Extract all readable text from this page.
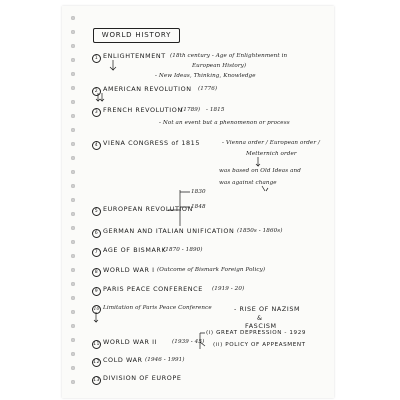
WORLD HISTORY
1 ENLIGHTENMENT (18th century - Age of Enlightenment in
European History)
- New Ideas, Thinking, Knowledge
2 AMERICAN REVOLUTION (1776)
3 FRENCH REVOLUTION
(1789) - 1815
- Not an event but a phenomenon or process
4 VIENA CONGRESS of 1815	- Vienna order / European order /
Metternich order
was based on Old Ideas and
was against change
5 EUROPEAN REVOLUTION
1830
1848
6 GERMAN AND ITALIAN UNIFICATION (1850s - 1860s)
7 AGE OF BISMARK
(1870 - 1890)
8 WORLD WAR I (Outcome of Bismark Foreign Policy)
9 PARIS PEACE CONFERENCE (1919 - 20)
10 Limitation of Paris Peace Conference	- RISE OF NAZISM
&
FASCISM
11 WORLD WAR II	(1939 - 45)
(i) GREAT DEPRESSION - 1929
(ii) POLICY OF APPEASMENT
12 COLD WAR (1946 - 1991)
13 DIVISION OF EUROPE
